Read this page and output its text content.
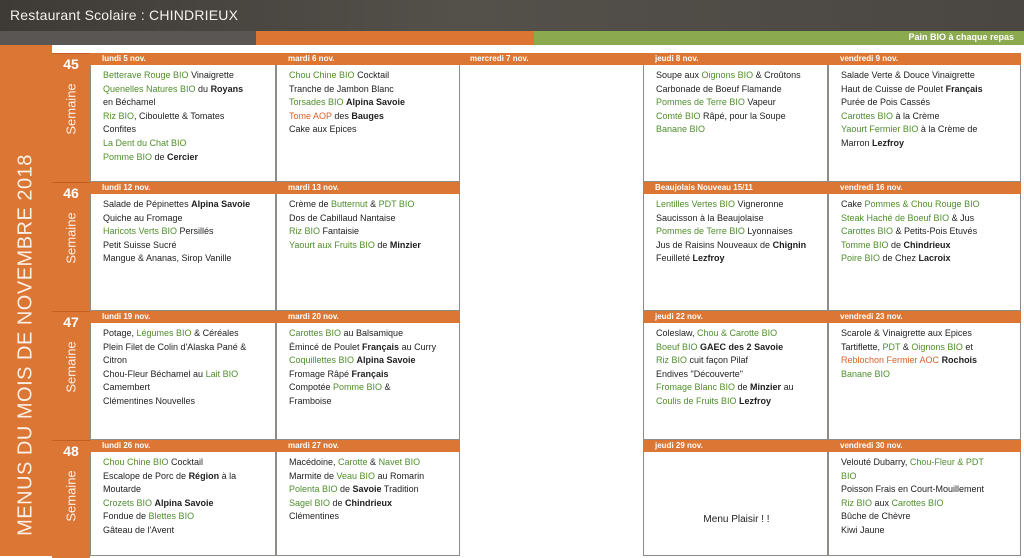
Restaurant Scolaire : CHINDRIEUX
Pain BIO à chaque repas
MENUS DU MOIS DE NOVEMBRE 2018
mercredi 7 nov.
45
Semaine
lundi 5 nov.
Betterave Rouge BIO Vinaigrette
Quenelles Natures BIO du Royans
en Béchamel
Riz BIO, Ciboulette & Tomates
Confites
La Dent du Chat BIO
Pomme BIO de Cercier
mardi 6 nov.
Chou Chine BIO Cocktail
Tranche de Jambon Blanc
Torsades BIO Alpina Savoie
Tome AOP des Bauges
Cake aux Epices
jeudi 8 nov.
Soupe aux Oignons BIO & Croûtons
Carbonade de Boeuf Flamande
Pommes de Terre BIO Vapeur
Comté BIO Râpé, pour la Soupe
Banane BIO
vendredi 9 nov.
Salade Verte & Douce Vinaigrette
Haut de Cuisse de Poulet Français
Purée de Pois Cassés
Carottes BIO à la Crème
Yaourt Fermier BIO à la Crème de
Marron Lezfroy
46
Semaine
lundi 12 nov.
Salade de Pépinettes Alpina Savoie
Quiche au Fromage
Haricots Verts BIO Persillés
Petit Suisse Sucré
Mangue & Ananas, Sirop Vanille
mardi 13 nov.
Crème de Butternut & PDT BIO
Dos de Cabillaud Nantaise
Riz BIO Fantaisie
Yaourt aux Fruits BIO de Minzier
Beaujolais Nouveau 15/11
Lentilles Vertes BIO Vigneronne
Saucisson à la Beaujolaise
Pommes de Terre BIO Lyonnaises
Jus de Raisins Nouveaux de Chignin
Feuilleté Lezfroy
vendredi 16 nov.
Cake Pommes & Chou Rouge BIO
Steak Haché de Boeuf BIO & Jus
Carottes BIO & Petits-Pois Etuvés
Tomme BIO de Chindrieux
Poire BIO de Chez Lacroix
47
Semaine
lundi 19 nov.
Potage, Légumes BIO & Céréales
Plein Filet de Colin d'Alaska Pané &
Citron
Chou-Fleur Béchamel au Lait BIO
Camembert
Clémentines Nouvelles
mardi 20 nov.
Carottes BIO au Balsamique
Émincé de Poulet Français au Curry
Coquillettes BIO Alpina Savoie
Fromage Râpé Français
Compotée Pomme BIO &
Framboise
jeudi 22 nov.
Coleslaw, Chou & Carotte BIO
Boeuf BIO GAEC des 2 Savoie
Riz BIO cuit façon Pilaf
Endives "Découverte"
Fromage Blanc BIO de Minzier au
Coulis de Fruits BIO Lezfroy
vendredi 23 nov.
Scarole & Vinaigrette aux Epices
Tartiflette, PDT & Oignons BIO et
Reblochon Fermier AOC Rochois
Banane BIO
48
Semaine
lundi 26 nov.
Chou Chine BIO Cocktail
Escalope de Porc de Région à la
Moutarde
Crozets BIO Alpina Savoie
Fondue de Blettes BIO
Gâteau de l'Avent
mardi 27 nov.
Macédoine, Carotte & Navet BIO
Marmite de Veau BIO au Romarin
Polenta BIO de Savoie Tradition
Sagel BIO de Chindrieux
Clémentines
jeudi 29 nov.	vendredi 30 nov.
Velouté Dubarry, Chou-Fleur & PDT
BIO
Poisson Frais en Court-Mouillement
Riz BIO aux Carottes BIO
Bûche de Chèvre
Kiwi Jaune
Menu Plaisir ! !
